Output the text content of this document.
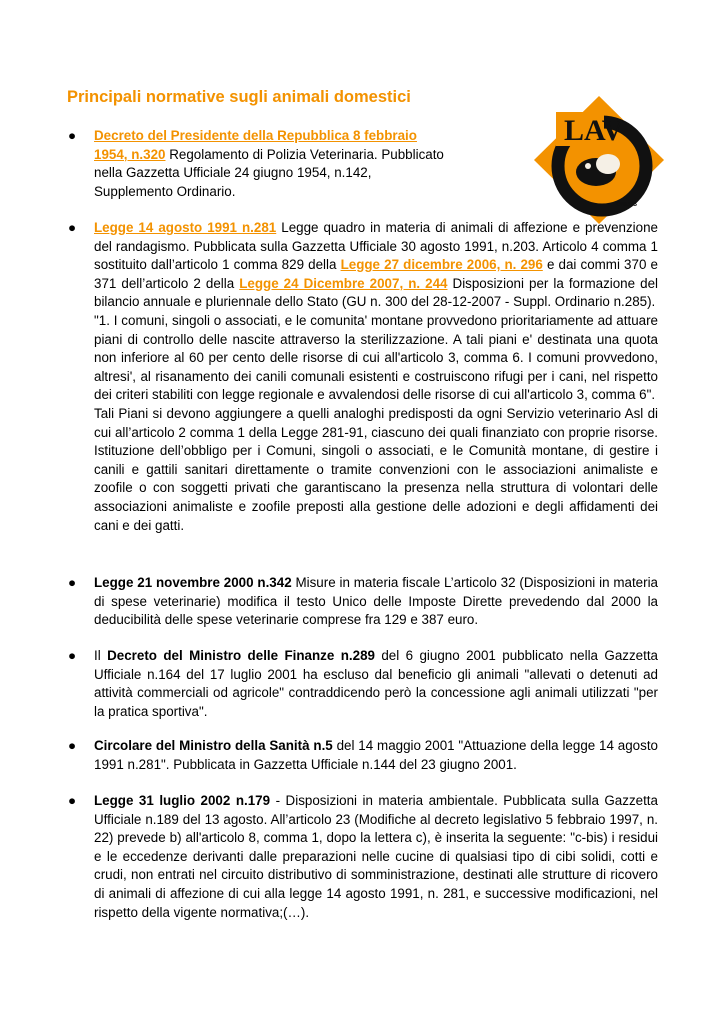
Principali normative sugli animali domestici
LAV
ONLUS
●	Decreto del Presidente della Repubblica 8 febbraio 1954, n.320 Regolamento di Polizia Veterinaria. Pubblicato nella Gazzetta Ufficiale 24 giugno 1954, n.142, Supplemento Ordinario.

●	Legge 14 agosto 1991 n.281 Legge quadro in materia di animali di affezione e prevenzione del randagismo. Pubblicata sulla Gazzetta Ufficiale 30 agosto 1991, n.203. Articolo 4 comma 1 sostituito dall’articolo 1 comma 829 della Legge 27 dicembre 2006, n. 296 e dai commi 370 e 371 dell’articolo 2 della Legge 24 Dicembre 2007, n. 244 Disposizioni per la formazione del bilancio annuale e pluriennale dello Stato (GU n. 300 del 28-12-2007 - Suppl. Ordinario n.285).

"1. I comuni, singoli o associati, e le comunita' montane provvedono prioritariamente ad attuare piani di controllo delle nascite attraverso la sterilizzazione. A tali piani e' destinata una quota non inferiore al 60 per cento delle risorse di cui all'articolo 3, comma 6. I comuni provvedono, altresi', al risanamento dei canili comunali esistenti e costruiscono rifugi per i cani, nel rispetto dei criteri stabiliti con legge regionale e avvalendosi delle risorse di cui all'articolo 3, comma 6".

Tali Piani si devono aggiungere a quelli analoghi predisposti da ogni Servizio veterinario Asl di cui all’articolo 2 comma 1 della Legge 281-91, ciascuno dei quali finanziato con proprie risorse. Istituzione dell’obbligo per i Comuni, singoli o associati, e le Comunità montane, di gestire i canili e gattili sanitari direttamente o tramite convenzioni con le associazioni animaliste e zoofile o con soggetti privati che garantiscano la presenza nella struttura di volontari delle associazioni animaliste e zoofile preposti alla gestione delle adozioni e degli affidamenti dei cani e dei gatti.

●	Legge 21 novembre 2000 n.342 Misure in materia fiscale L’articolo 32 (Disposizioni in materia di spese veterinarie) modifica il testo Unico delle Imposte Dirette prevedendo dal 2000 la deducibilità delle spese veterinarie comprese fra 129 e 387 euro.

●	Il Decreto del Ministro delle Finanze n.289 del 6 giugno 2001 pubblicato nella Gazzetta Ufficiale n.164 del 17 luglio 2001 ha escluso dal beneficio gli animali "allevati o detenuti ad attività commerciali od agricole" contraddicendo però la concessione agli animali utilizzati "per la pratica sportiva".

●	Circolare del Ministro della Sanità n.5 del 14 maggio 2001 "Attuazione della legge 14 agosto 1991 n.281". Pubblicata in Gazzetta Ufficiale n.144 del 23 giugno 2001.

●	Legge 31 luglio 2002 n.179 - Disposizioni in materia ambientale. Pubblicata sulla Gazzetta Ufficiale n.189 del 13 agosto. All’articolo 23 (Modifiche al decreto legislativo 5 febbraio 1997, n. 22) prevede b) all'articolo 8, comma 1, dopo la lettera c), è inserita la seguente: "c-bis) i residui e le eccedenze derivanti dalle preparazioni nelle cucine di qualsiasi tipo di cibi solidi, cotti e crudi, non entrati nel circuito distributivo di somministrazione, destinati alle strutture di ricovero di animali di affezione di cui alla legge 14 agosto 1991, n. 281, e successive modificazioni, nel rispetto della vigente normativa;(…).
